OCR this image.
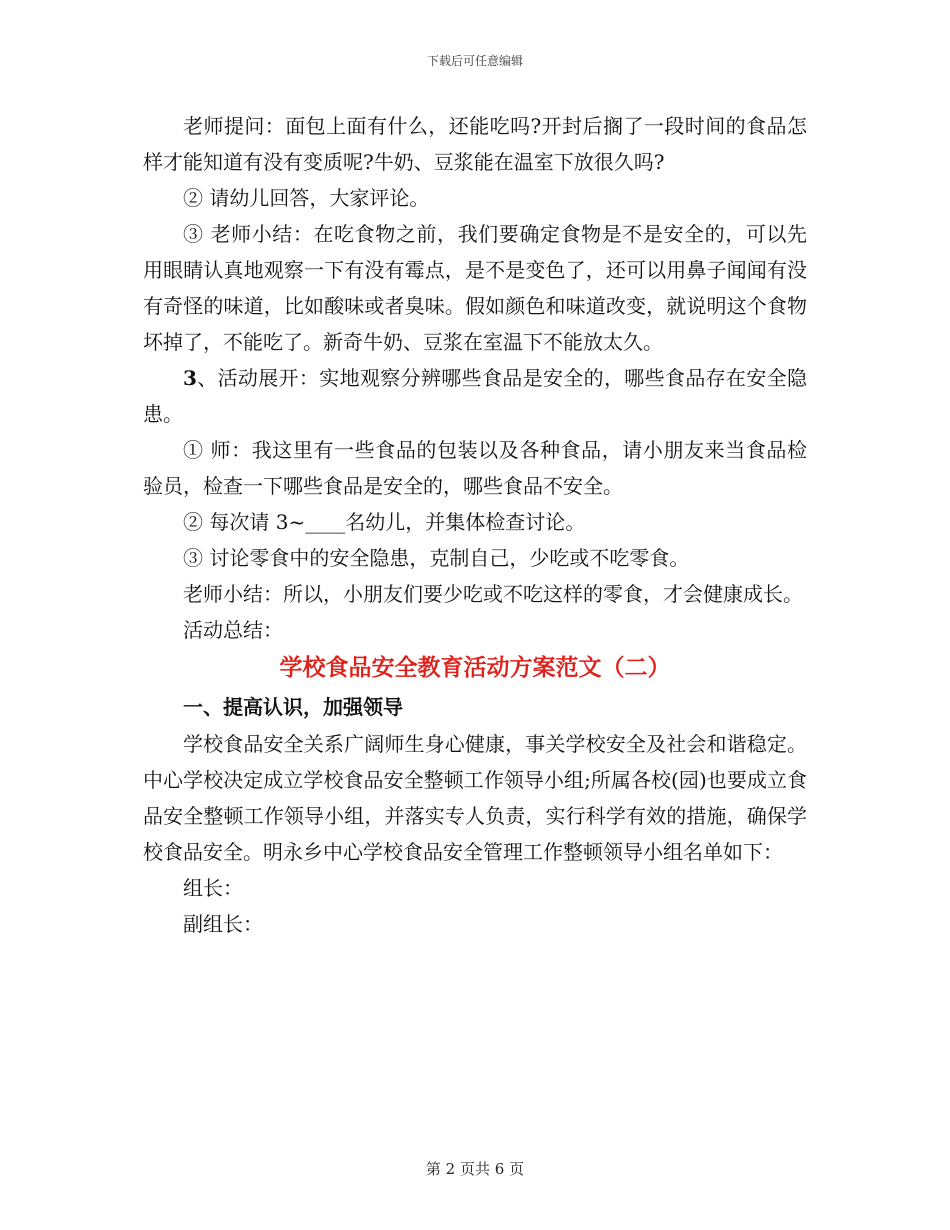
下载后可任意编辑

老师提问：面包上面有什么，还能吃吗?开封后搁了一段时间的食品怎样才能知道有没有变质呢?牛奶、豆浆能在温室下放很久吗?

② 请幼儿回答，大家评论。

③ 老师小结：在吃食物之前，我们要确定食物是不是安全的，可以先用眼睛认真地观察一下有没有霉点，是不是变色了，还可以用鼻子闻闻有没有奇怪的味道，比如酸味或者臭味。假如颜色和味道改变，就说明这个食物坏掉了，不能吃了。新奇牛奶、豆浆在室温下不能放太久。

3、活动展开：实地观察分辨哪些食品是安全的，哪些食品存在安全隐患。

① 师：我这里有一些食品的包装以及各种食品，请小朋友来当食品检验员，检查一下哪些食品是安全的，哪些食品不安全。

② 每次请 3~____名幼儿，并集体检查讨论。

③ 讨论零食中的安全隐患，克制自己，少吃或不吃零食。

老师小结：所以，小朋友们要少吃或不吃这样的零食，才会健康成长。

活动总结：

学校食品安全教育活动方案范文（二）

一、提高认识，加强领导

学校食品安全关系广阔师生身心健康，事关学校安全及社会和谐稳定。中心学校决定成立学校食品安全整顿工作领导小组;所属各校(园)也要成立食品安全整顿工作领导小组，并落实专人负责，实行科学有效的措施，确保学校食品安全。明永乡中心学校食品安全管理工作整顿领导小组名单如下：

组长：

副组长：

第 2 页共 6 页
